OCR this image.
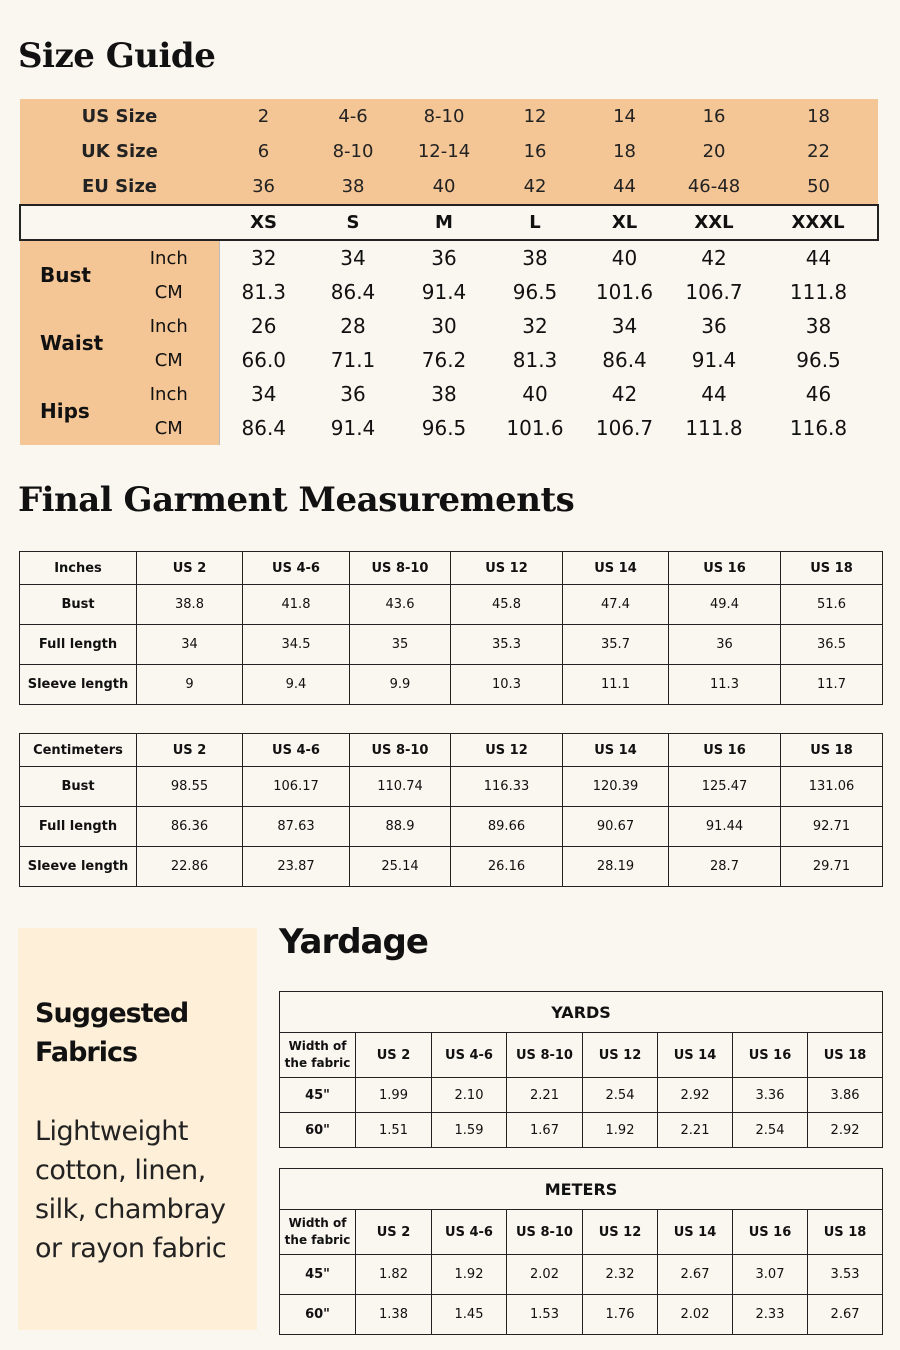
Size Guide
US Size		2	4-6	8-10	12	14	16	18
UK Size		6	8-10	12-14	16	18	20	22
EU Size		36	38	40	42	44	46-48	50
		XS	S	M	L	XL	XXL	XXXL
Bust	Inch	32	34	36	38	40	42	44
	CM	81.3	86.4	91.4	96.5	101.6	106.7	111.8
Waist	Inch	26	28	30	32	34	36	38
	CM	66.0	71.1	76.2	81.3	86.4	91.4	96.5
Hips	Inch	34	36	38	40	42	44	46
	CM	86.4	91.4	96.5	101.6	106.7	111.8	116.8
Final Garment Measurements
Inches	US 2	US 4-6	US 8-10	US 12	US 14	US 16	US 18
Bust	38.8	41.8	43.6	45.8	47.4	49.4	51.6
Full length	34	34.5	35	35.3	35.7	36	36.5
Sleeve length	9	9.4	9.9	10.3	11.1	11.3	11.7
Centimeters	US 2	US 4-6	US 8-10	US 12	US 14	US 16	US 18
Bust	98.55	106.17	110.74	116.33	120.39	125.47	131.06
Full length	86.36	87.63	88.9	89.66	90.67	91.44	92.71
Sleeve length	22.86	23.87	25.14	26.16	28.19	28.7	29.71
Suggested Fabrics
Lightweight cotton, linen, silk, chambray or rayon fabric
Yardage
YARDS							
Width of the fabric	US 2	US 4-6	US 8-10	US 12	US 14	US 16	US 18
45"	1.99	2.10	2.21	2.54	2.92	3.36	3.86
60"	1.51	1.59	1.67	1.92	2.21	2.54	2.92
METERS							
Width of the fabric	US 2	US 4-6	US 8-10	US 12	US 14	US 16	US 18
45"	1.82	1.92	2.02	2.32	2.67	3.07	3.53
60"	1.38	1.45	1.53	1.76	2.02	2.33	2.67
